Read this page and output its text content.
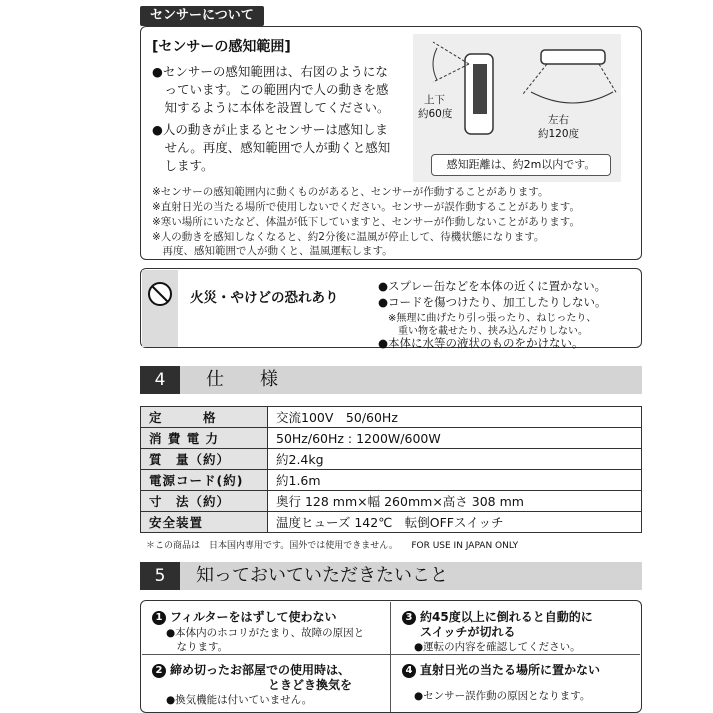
センサーについて
[センサーの感知範囲]
●センサーの感知範囲は、右図のようにな
　っています。この範囲内で人の動きを感
　知するように本体を設置してください。
●人の動きが止まるとセンサーは感知しま
　せん。再度、感知範囲で人が動くと感知
　します。
上下
約60度	左右
約120度
感知距離は、約2m以内です。
※センサーの感知範囲内に動くものがあると、センサーが作動することがあります。
※直射日光の当たる場所で使用しないでください。センサーが誤作動することがあります。
※寒い場所にいたなど、体温が低下していますと、センサーが作動しないことがあります。
※人の動きを感知しなくなると、約2分後に温風が停止して、待機状態になります。
　再度、感知範囲で人が動くと、温風運転します。
火災・やけどの恐れあり
●スプレー缶などを本体の近くに置かない。
●コードを傷つけたり、加工したりしない。
　※無理に曲げたり引っ張ったり、ねじったり、
　　重い物を載せたり、挟み込んだりしない。
●本体に水等の液状のものをかけない。
4	仕　　様
定　　　格	交流100V　50/60Hz
消 費 電 力	50Hz/60Hz : 1200W/600W
質　量（約）	約2.4kg
電源コード(約)	約1.6m
寸　法（約）	奥行 128 mm×幅 260mm×高さ 308 mm
安全装置	温度ヒューズ 142℃　転倒OFFスイッチ
＊この商品は　日本国内専用です。国外では使用できません。　　FOR USE IN JAPAN ONLY
5	知っておいていただきたいこと
1 フィルターをはずして使わない
●本体内のホコリがたまり、故障の原因と
　なります。
2 締め切ったお部屋での使用時は、
ときどき換気を
●換気機能は付いていません。
3 約45度以上に倒れると自動的に
スイッチが切れる
●運転の内容を確認してください。
4 直射日光の当たる場所に置かない
●センサー誤作動の原因となります。
